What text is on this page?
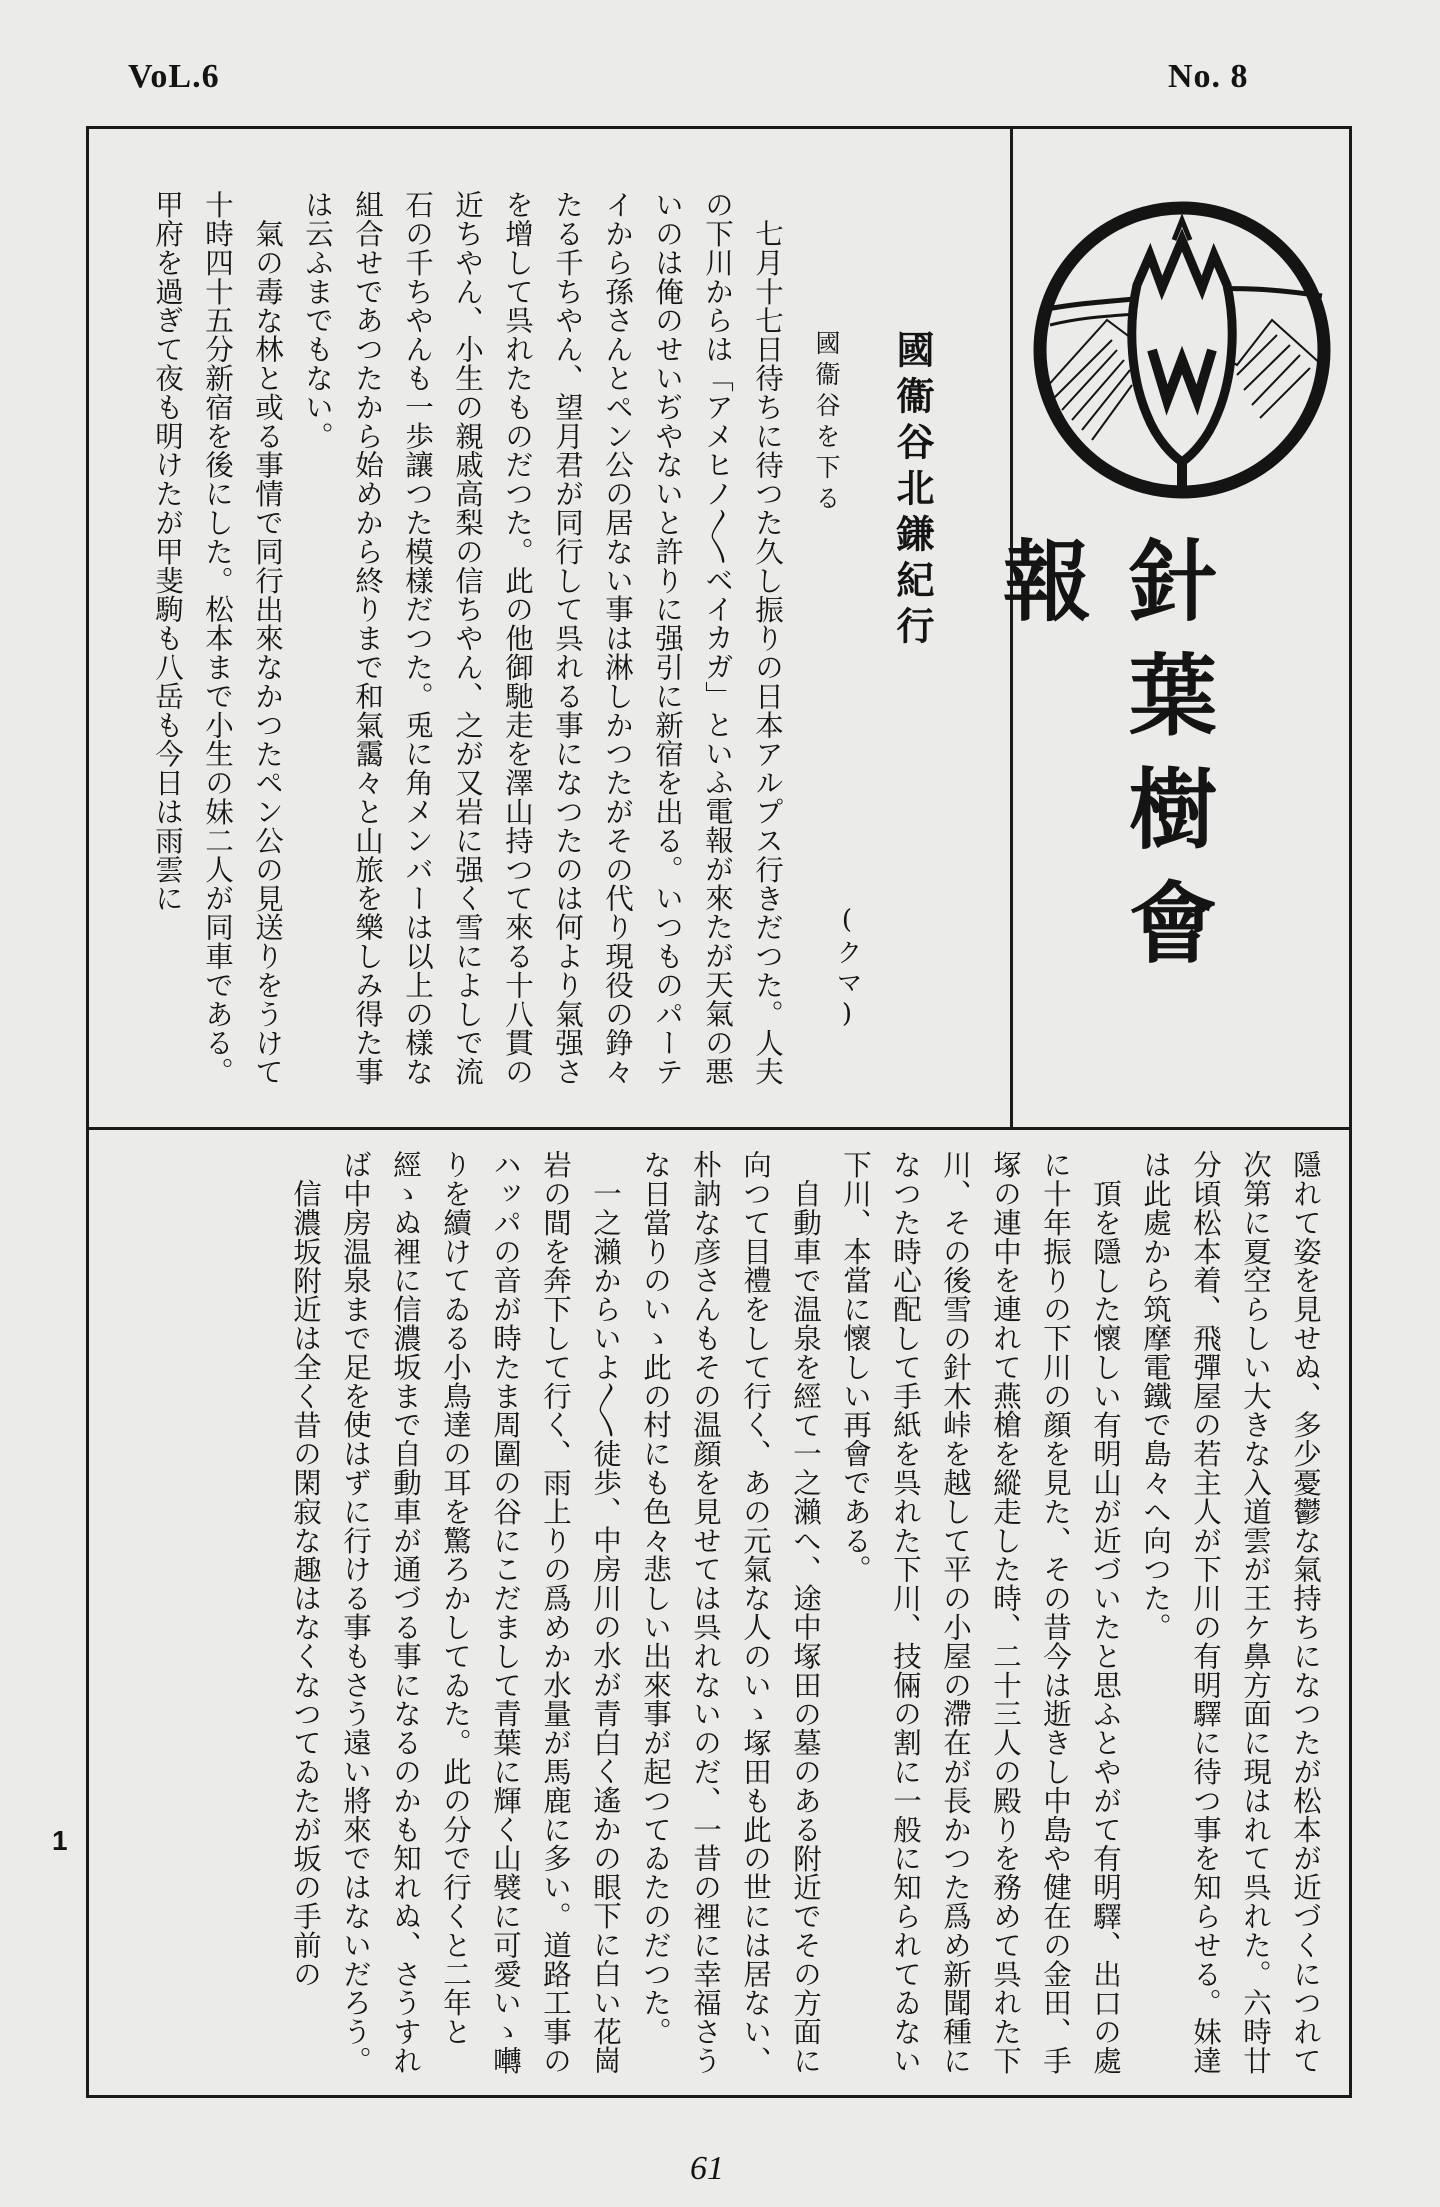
VoL.6	No. 8
針葉樹會報
國衞谷北鎌紀行
國衞谷を下る
(クマ)
七月十七日待ちに待つた久し振りの日本アルプス行きだつた。人夫の下川からは「アメヒノ〳〵ベイカガ」といふ電報が來たが天氣の悪いのは俺のせいぢやないと許りに强引に新宿を出る。いつものパーテイから孫さんとペン公の居ない事は淋しかつたがその代り現役の錚々たる千ちやん、望月君が同行して呉れる事になつたのは何より氣强さを增して呉れたものだつた。此の他御馳走を澤山持つて來る十八貫の近ちやん、小生の親戚高梨の信ちやん、之が又岩に强く雪によしで流石の千ちやんも一歩讓つた模樣だつた。兎に角メンバーは以上の樣な組合せであつたから始めから終りまで和氣靄々と山旅を樂しみ得た事は云ふまでもない。
氣の毒な林と或る事情で同行出來なかつたペン公の見送りをうけて十時四十五分新宿を後にした。松本まで小生の妹二人が同車である。甲府を過ぎて夜も明けたが甲斐駒も八岳も今日は雨雲に
隱れて姿を見せぬ、多少憂鬱な氣持ちになつたが松本が近づくにつれて次第に夏空らしい大きな入道雲が王ケ鼻方面に現はれて呉れた。六時廿分頃松本着、飛彈屋の若主人が下川の有明驛に待つ事を知らせる。妹達は此處から筑摩電鐵で島々へ向つた。
頂を隱した懷しい有明山が近づいたと思ふとやがて有明驛、出口の處に十年振りの下川の顔を見た、その昔今は逝きし中島や健在の金田、手塚の連中を連れて燕槍を縱走した時、二十三人の殿りを務めて呉れた下川、その後雪の針木峠を越して平の小屋の滯在が長かつた爲め新聞種になつた時心配して手紙を呉れた下川、技倆の割に一般に知られてゐない下川、本當に懷しい再會である。
自動車で温泉を經て一之瀨へ、途中塚田の墓のある附近でその方面に向つて目禮をして行く、あの元氣な人のいゝ塚田も此の世には居ない、朴訥な彦さんもその温顔を見せては呉れないのだ、一昔の裡に幸福さうな日當りのいゝ此の村にも色々悲しい出來事が起つてゐたのだつた。
一之瀨からいよ〳〵徒歩、中房川の水が青白く遙かの眼下に白い花崗岩の間を奔下して行く、雨上りの爲めか水量が馬鹿に多い。道路工事のハッパの音が時たま周圍の谷にこだまして青葉に輝く山襞に可愛いゝ囀りを續けてゐる小鳥達の耳を驚ろかしてゐた。此の分で行くと二年と經ゝぬ裡に信濃坂まで自動車が通づる事になるのかも知れぬ、さうすれば中房温泉まで足を使はずに行ける事もさう遠い將來ではないだろう。
信濃坂附近は全く昔の閑寂な趣はなくなつてゐたが坂の手前の
61
1
